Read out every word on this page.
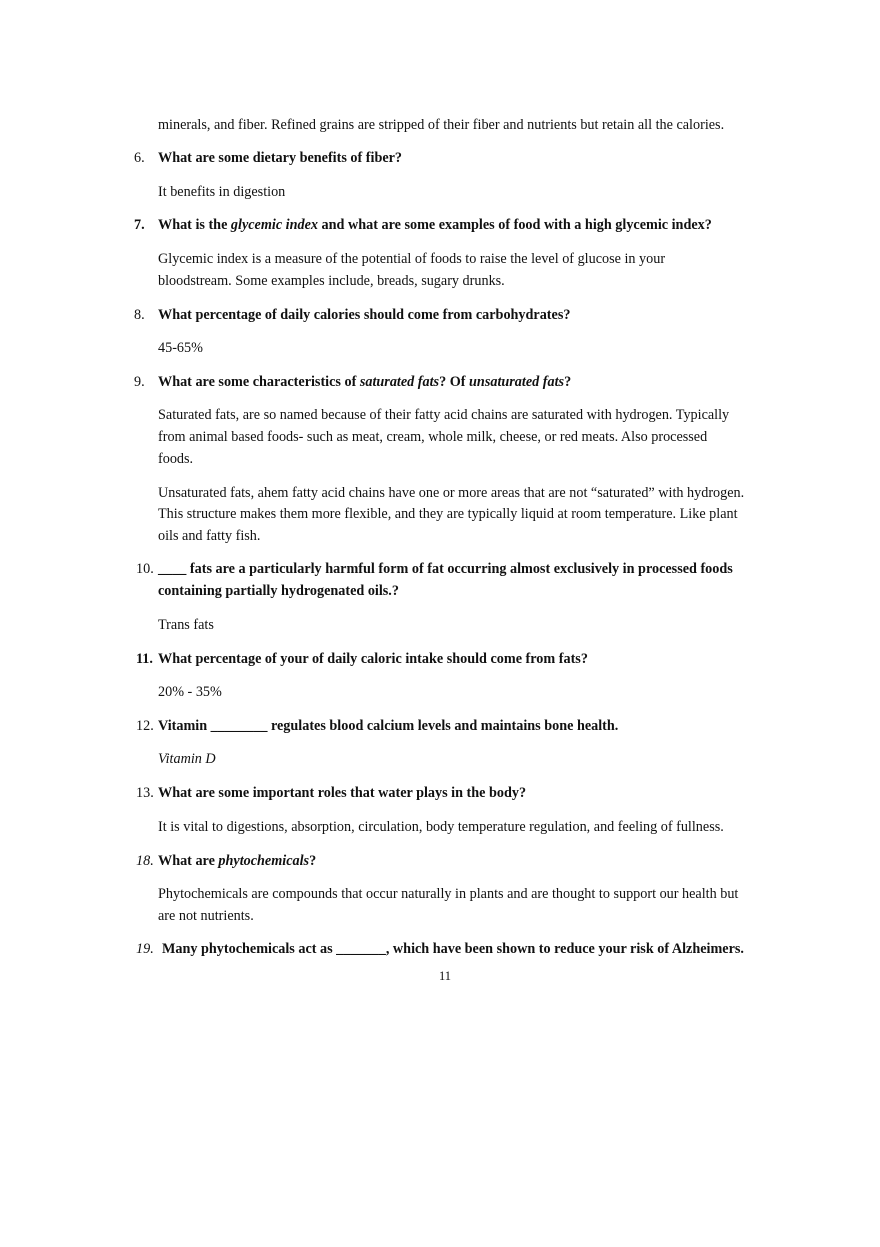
minerals, and fiber. Refined grains are stripped of their fiber and nutrients but retain all the calories.

6. What are some dietary benefits of fiber?

It benefits in digestion

7. What is the glycemic index and what are some examples of food with a high glycemic index?

Glycemic index is a measure of the potential of foods to raise the level of glucose in your

bloodstream. Some examples include, breads, sugary drunks.

8. What percentage of daily calories should come from carbohydrates?

45-65%

9. What are some characteristics of saturated fats? Of unsaturated fats?

Saturated fats, are so named because of their fatty acid chains are saturated with hydrogen. Typically

from animal based foods- such as meat, cream, whole milk, cheese, or red meats. Also processed

foods.

Unsaturated fats, ahem fatty acid chains have one or more areas that are not “saturated” with hydrogen.

This structure makes them more flexible, and they are typically liquid at room temperature. Like plant

oils and fatty fish.

10. ____ fats are a particularly harmful form of fat occurring almost exclusively in processed foods

containing partially hydrogenated oils.?

Trans fats

11. What percentage of your of daily caloric intake should come from fats?

20% - 35%

12. Vitamin ________ regulates blood calcium levels and maintains bone health.

Vitamin D

13. What are some important roles that water plays in the body?

It is vital to digestions, absorption, circulation, body temperature regulation, and feeling of fullness.

18. What are phytochemicals?

Phytochemicals are compounds that occur naturally in plants and are thought to support our health but

are not nutrients.

19. Many phytochemicals act as _______, which have been shown to reduce your risk of Alzheimers.

11
